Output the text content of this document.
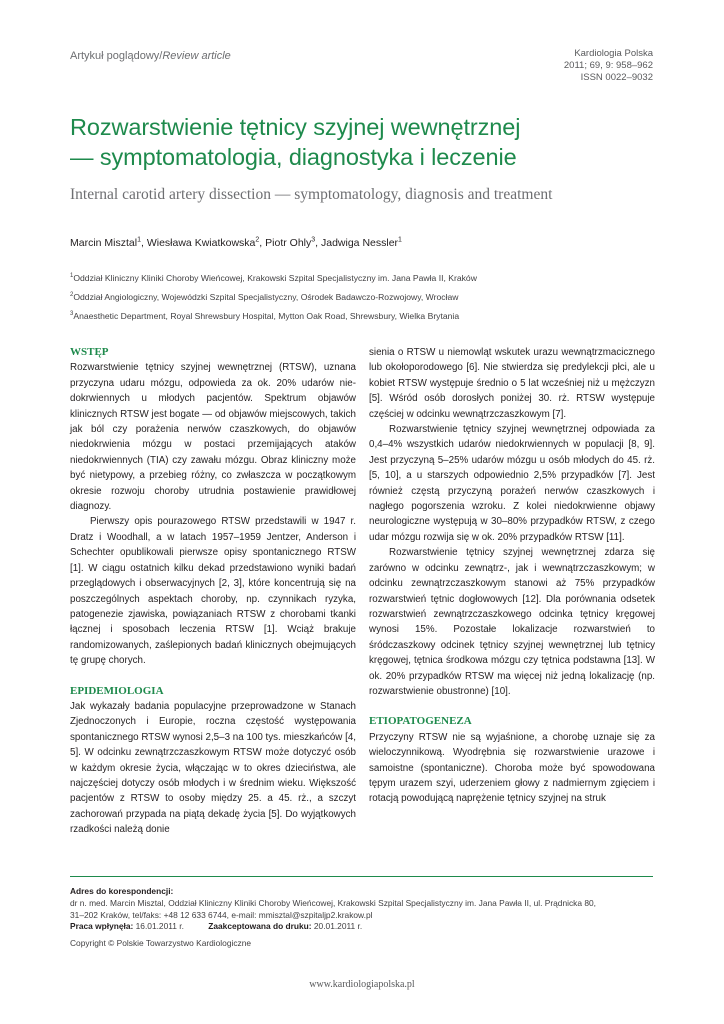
Artykuł poglądowy/Review article	Kardiologia Polska
2011; 69, 9: 958–962
ISSN 0022–9032
Rozwarstwienie tętnicy szyjnej wewnętrznej
— symptomatologia, diagnostyka i leczenie
Internal carotid artery dissection — symptomatology, diagnosis and treatment
Marcin Misztal$^1$, Wiesława Kwiatkowska$^2$, Piotr Ohly$^3$, Jadwiga Nessler$^1$
$^1$Oddział Kliniczny Kliniki Choroby Wieńcowej, Krakowski Szpital Specjalistyczny im. Jana Pawła II, Kraków
$^2$Oddział Angiologiczny, Wojewódzki Szpital Specjalistyczny, Ośrodek Badawczo-Rozwojowy, Wrocław
$^3$Anaesthetic Department, Royal Shrewsbury Hospital, Mytton Oak Road, Shrewsbury, Wielka Brytania
WSTĘP

Rozwarstwienie tętnicy szyjnej wewnętrznej (RTSW), uznana przyczyna udaru mózgu, odpowieda za ok. 20% udarów niedokrwiennych u młodych pacjentów. Spektrum objawów klinicznych RTSW jest bogate — od objawów miejscowych, takich jak ból czy porażenia nerwów czaszkowych, do objawów niedokrwienia mózgu w postaci przemijających ataków niedokrwiennych (TIA) czy zawału mózgu. Obraz kliniczny może być nietypowy, a przebieg różny, co zwłaszcza w początkowym okresie rozwoju choroby utrudnia postawienie prawidłowej diagnozy.

Pierwszy opis pourazowego RTSW przedstawili w 1947 r. Dratz i Woodhall, a w latach 1957–1959 Jentzer, Anderson i Schechter opublikowali pierwsze opisy spontanicznego RTSW [1]. W ciągu ostatnich kilku dekad przedstawiono wyniki badań przeglądowych i obserwacyjnych [2, 3], które koncentrują się na poszczególnych aspektach choroby, np. czynnikach ryzyka, patogenezie zjawiska, powiązaniach RTSW z chorobami tkanki łącznej i sposobach leczenia RTSW [1]. Wciąż brakuje randomizowanych, zaślepionych badań klinicznych obejmujących tę grupę chorych.

EPIDEMIOLOGIA

Jak wykazały badania populacyjne przeprowadzone w Stanach Zjednoczonych i Europie, roczna częstość występowania spontanicznego RTSW wynosi 2,5–3 na 100 tys. mieszkańców [4, 5]. W odcinku zewnątrzczaszkowym RTSW może dotyczyć osób w każdym okresie życia, włączając w to okres dzieciństwa, ale najczęściej dotyczy osób młodych i w średnim wieku. Większość pacjentów z RTSW to osoby między 25. a 45. rż., a szczyt zachorowań przypada na piątą dekadę życia [5]. Do wyjątkowych rzadkości należą donie

sienia o RTSW u niemowląt wskutek urazu wewnątrzmacicznego lub okołoporodowego [6]. Nie stwierdza się predylekcji płci, ale u kobiet RTSW występuje średnio o 5 lat wcześniej niż u mężczyzn [5]. Wśród osób dorosłych poniżej 30. rż. RTSW występuje częściej w odcinku wewnątrzczaszkowym [7].

Rozwarstwienie tętnicy szyjnej wewnętrznej odpowiada za 0,4–4% wszystkich udarów niedokrwiennych w populacji [8, 9]. Jest przyczyną 5–25% udarów mózgu u osób młodych do 45. rż. [5, 10], a u starszych odpowiednio 2,5% przypadków [7]. Jest również częstą przyczyną porażeń nerwów czaszkowych i nagłego pogorszenia wzroku. Z kolei niedokrwienne objawy neurologiczne występują w 30–80% przypadków RTSW, z czego udar mózgu rozwija się w ok. 20% przypadków RTSW [11].

Rozwarstwienie tętnicy szyjnej wewnętrznej zdarza się zarówno w odcinku zewnątrz-, jak i wewnątrzczaszkowym; w odcinku zewnątrzczaszkowym stanowi aż 75% przypadków rozwarstwień tętnic dogłowowych [12]. Dla porównania odsetek rozwarstwień zewnątrzczaszkowego odcinka tętnicy kręgowej wynosi 15%. Pozostałe lokalizacje rozwarstwień to śródczaszkowy odcinek tętnicy szyjnej wewnętrznej lub tętnicy kręgowej, tętnica środkowa mózgu czy tętnica podstawna [13]. W ok. 20% przypadków RTSW ma więcej niż jedną lokalizację (np. rozwarstwienie obustronne) [10].

ETIOPATOGENEZA

Przyczyny RTSW nie są wyjaśnione, a chorobę uznaje się za wieloczynnikową. Wyodrębnia się rozwarstwienie urazowe i samoistne (spontaniczne). Choroba może być spowodowana tępym urazem szyi, uderzeniem głowy z nadmiernym zgięciem i rotacją powodującą naprężenie tętnicy szyjnej na struk

Adres do korespondencji:
dr n. med. Marcin Misztal, Oddział Kliniczny Kliniki Choroby Wieńcowej, Krakowski Szpital Specjalistyczny im. Jana Pawła II, ul. Prądnicka 80,
31–202 Kraków, tel/faks: +48 12 633 6744, e-mail: mmisztal@szpitaljp2.krakow.pl
Praca wpłynęła: 16.01.2011 r.	Zaakceptowana do druku: 20.01.2011 r.
Copyright © Polskie Towarzystwo Kardiologiczne
www.kardiologiapolska.pl
